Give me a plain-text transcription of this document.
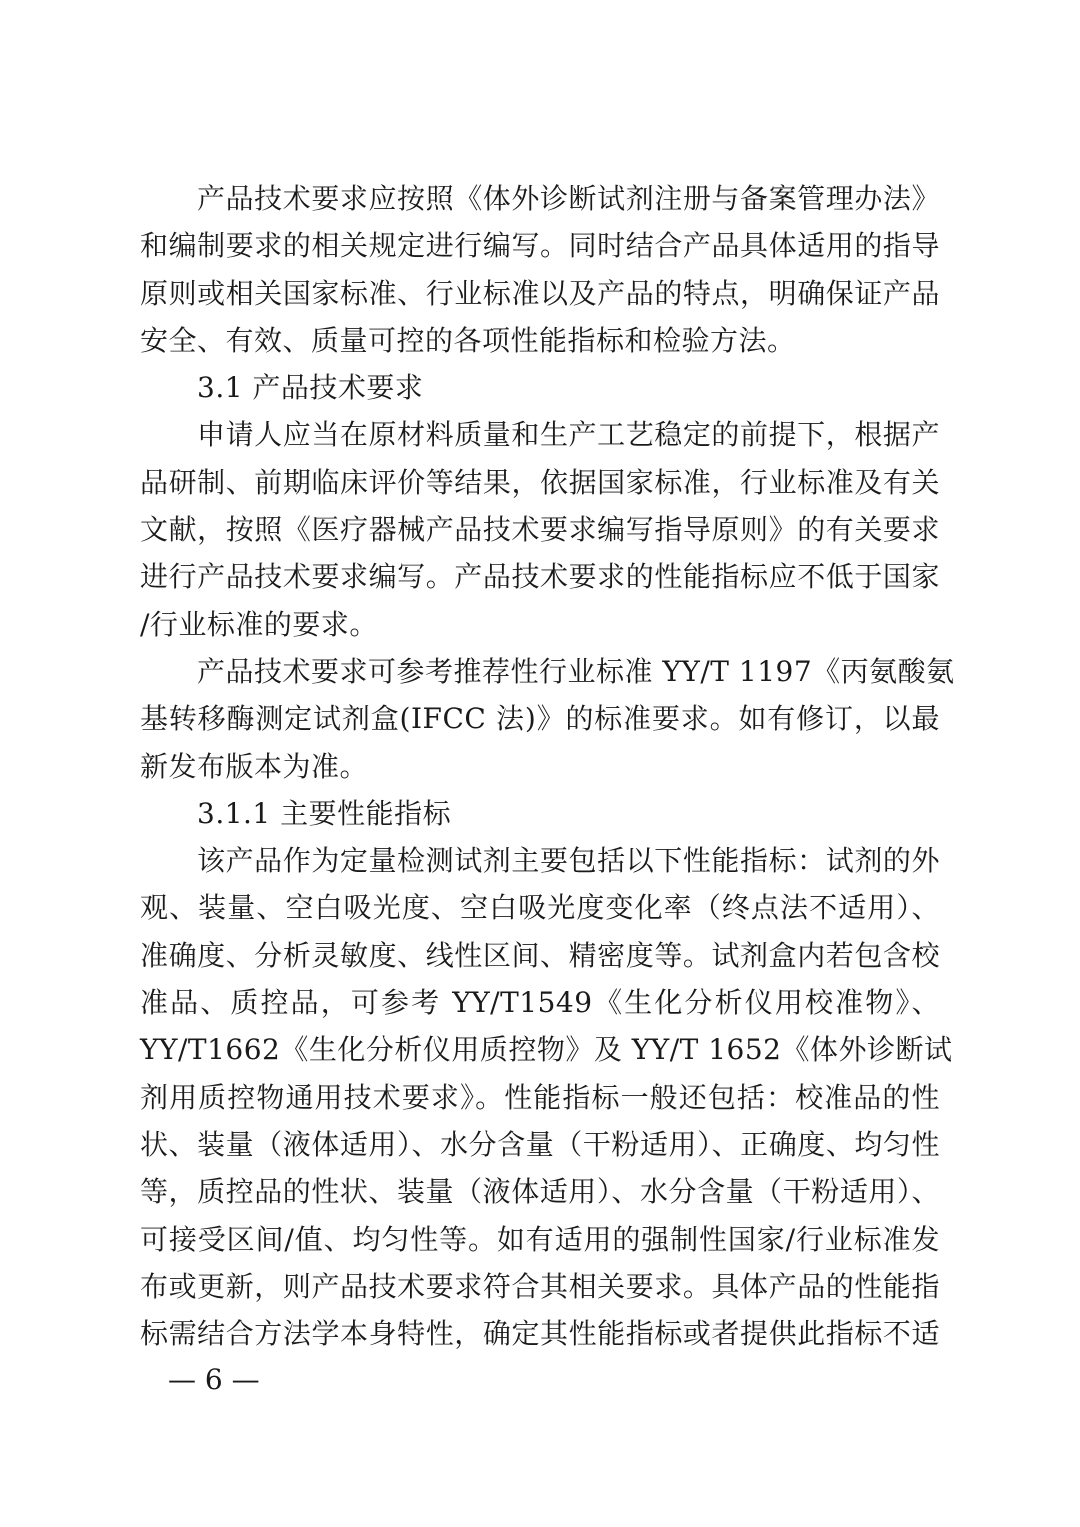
产品技术要求应按照《体外诊断试剂注册与备案管理办法》
和编制要求的相关规定进行编写。同时结合产品具体适用的指导
原则或相关国家标准、行业标准以及产品的特点，明确保证产品
安全、有效、质量可控的各项性能指标和检验方法。
3.1 产品技术要求
申请人应当在原材料质量和生产工艺稳定的前提下，根据产
品研制、前期临床评价等结果，依据国家标准，行业标准及有关
文献，按照《医疗器械产品技术要求编写指导原则》的有关要求
进行产品技术要求编写。产品技术要求的性能指标应不低于国家
/行业标准的要求。
产品技术要求可参考推荐性行业标准 YY/T 1197《丙氨酸氨
基转移酶测定试剂盒(IFCC 法)》的标准要求。如有修订，以最
新发布版本为准。
3.1.1 主要性能指标
该产品作为定量检测试剂主要包括以下性能指标：试剂的外
观、装量、空白吸光度、空白吸光度变化率（终点法不适用）、
准确度、分析灵敏度、线性区间、精密度等。试剂盒内若包含校
准品、质控品，可参考 YY/T1549《生化分析仪用校准物》、
YY/T1662《生化分析仪用质控物》及 YY/T 1652《体外诊断试
剂用质控物通用技术要求》。性能指标一般还包括：校准品的性
状、装量（液体适用）、水分含量（干粉适用）、正确度、均匀性
等，质控品的性状、装量（液体适用）、水分含量（干粉适用）、
可接受区间/值、均匀性等。如有适用的强制性国家/行业标准发
布或更新，则产品技术要求符合其相关要求。具体产品的性能指
标需结合方法学本身特性，确定其性能指标或者提供此指标不适
— 6 —
